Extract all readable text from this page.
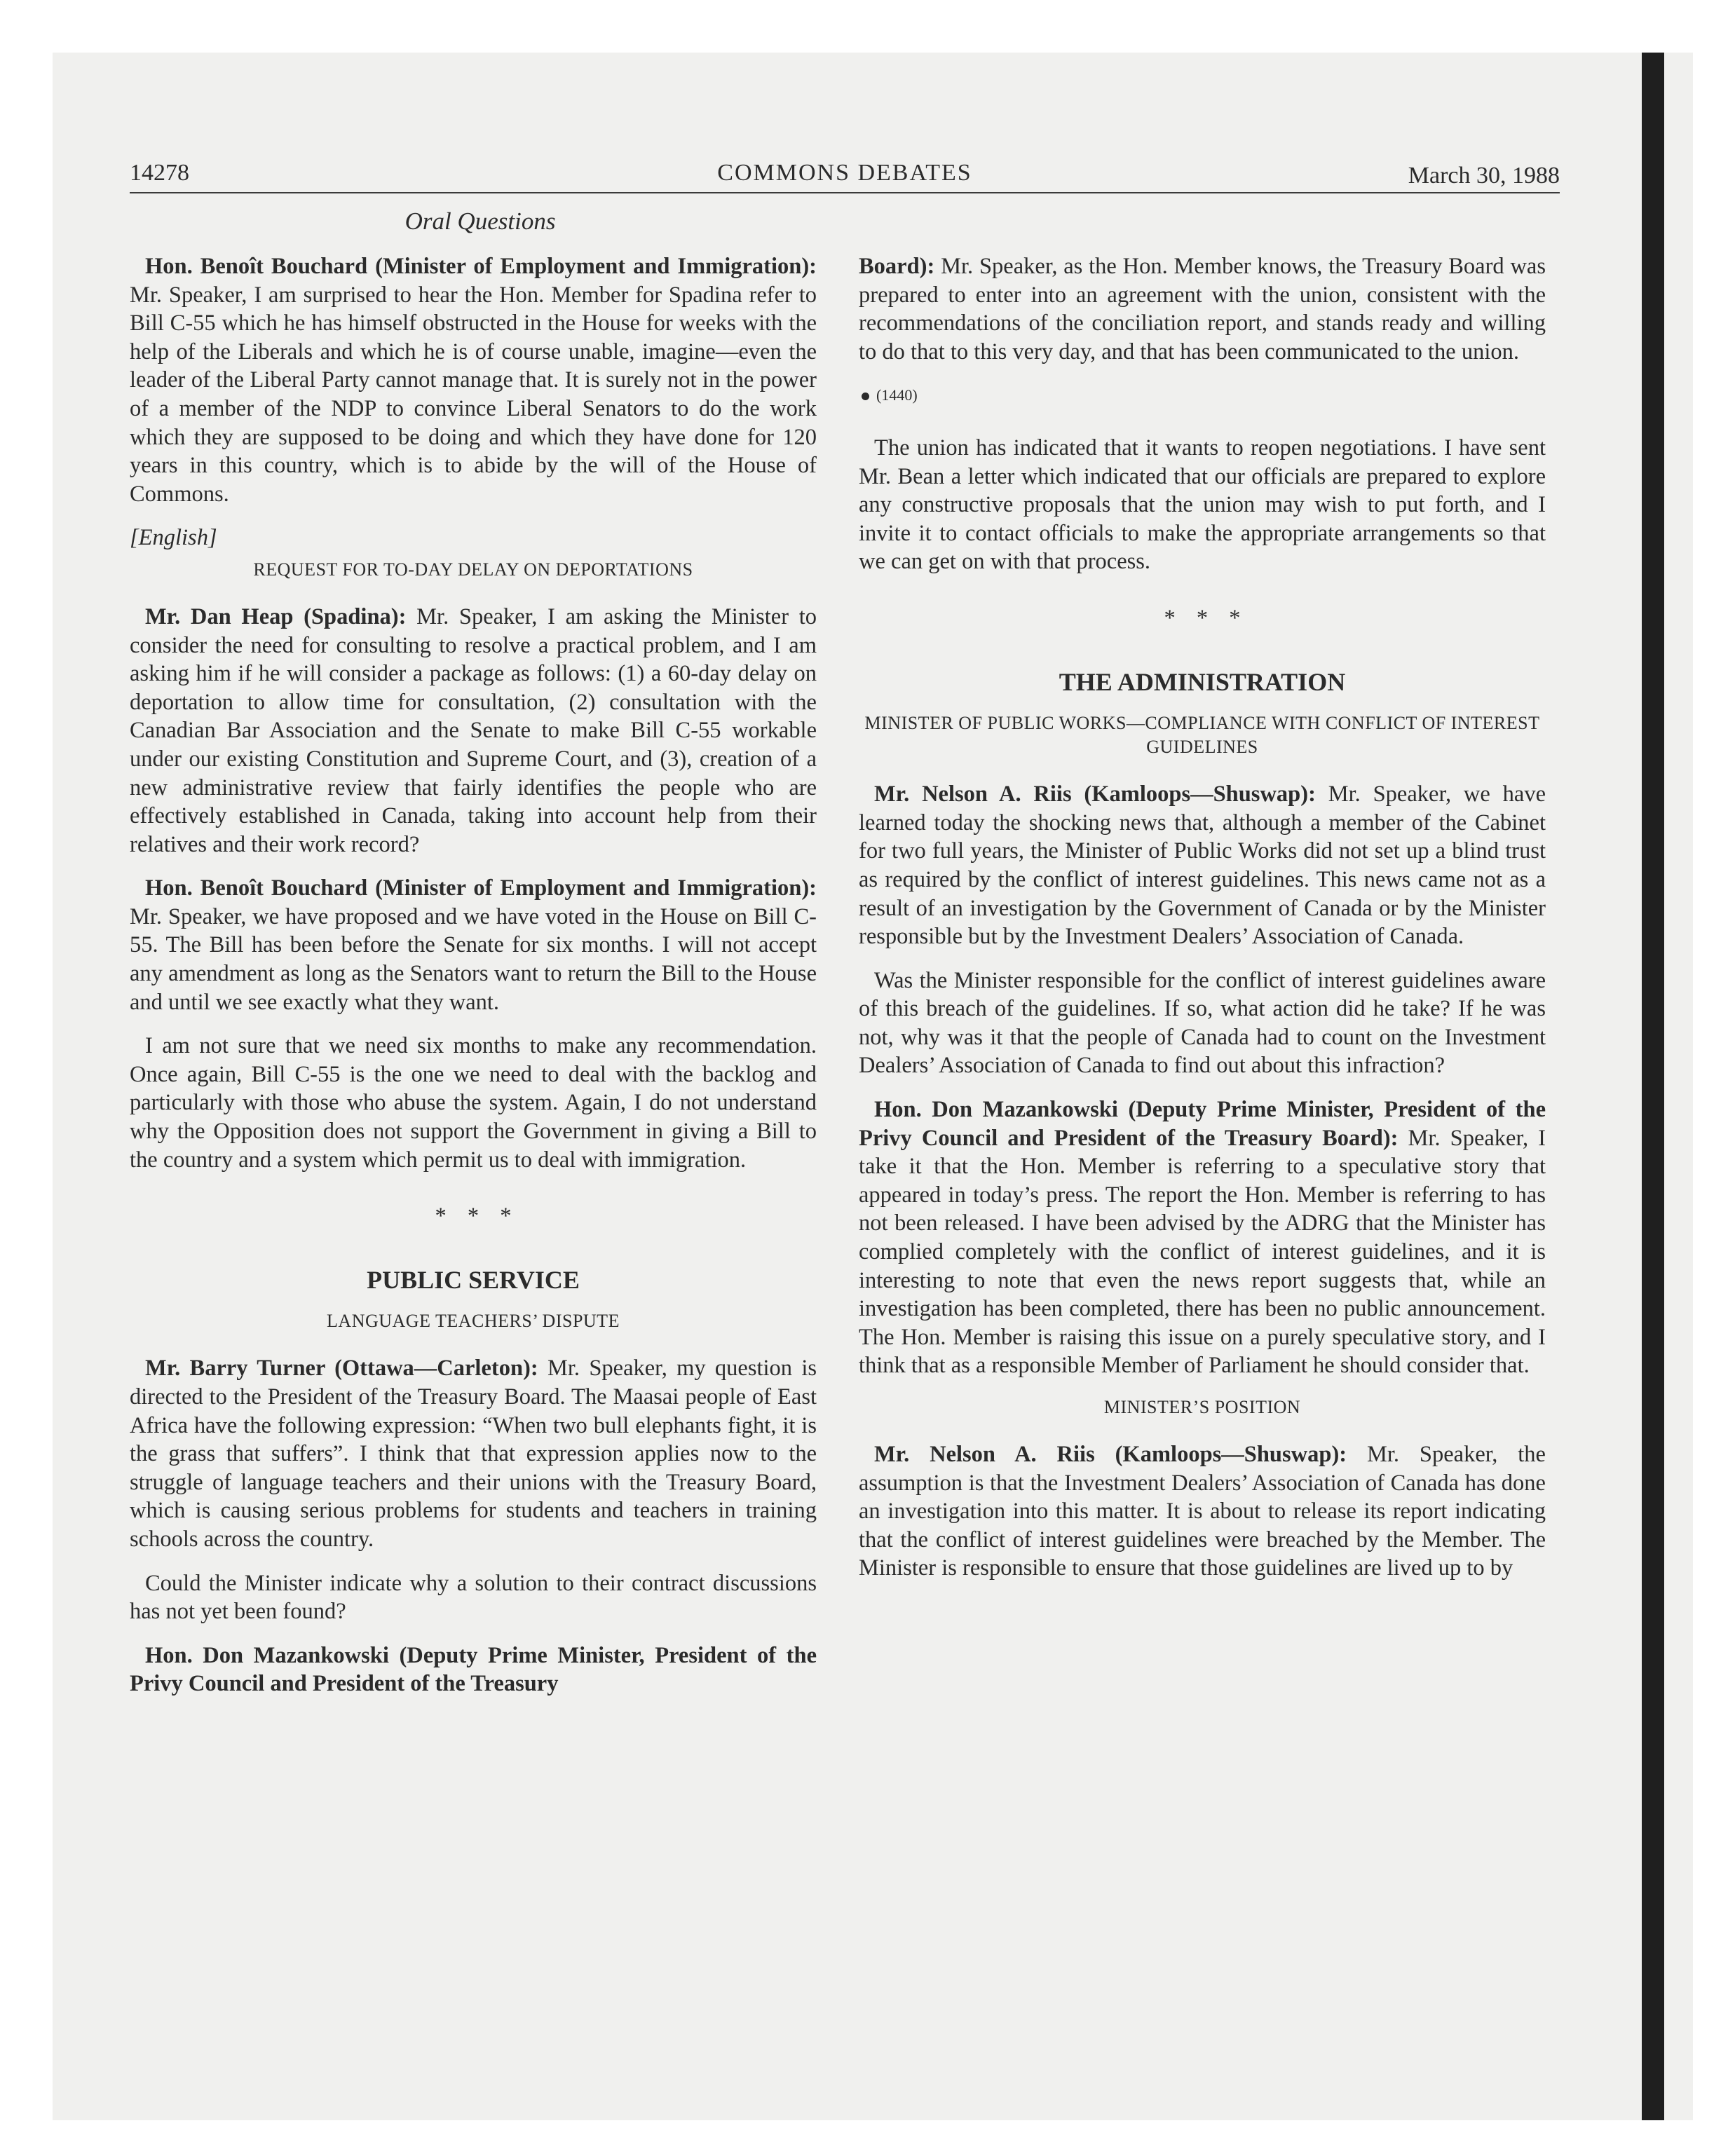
14278	COMMONS DEBATES	March 30, 1988
Oral Questions

Hon. Benoît Bouchard (Minister of Employment and Immigration): Mr. Speaker, I am surprised to hear the Hon. Member for Spadina refer to Bill C-55 which he has himself obstructed in the House for weeks with the help of the Liberals and which he is of course unable, imagine—even the leader of the Liberal Party cannot manage that. It is surely not in the power of a member of the NDP to convince Liberal Senators to do the work which they are supposed to be doing and which they have done for 120 years in this country, which is to abide by the will of the House of Commons.

[English]

REQUEST FOR TO-DAY DELAY ON DEPORTATIONS

Mr. Dan Heap (Spadina): Mr. Speaker, I am asking the Minister to consider the need for consulting to resolve a practical problem, and I am asking him if he will consider a package as follows: (1) a 60-day delay on deportation to allow time for consultation, (2) consultation with the Canadian Bar Association and the Senate to make Bill C-55 workable under our existing Constitution and Supreme Court, and (3), creation of a new administrative review that fairly identifies the people who are effectively established in Canada, taking into account help from their relatives and their work record?

Hon. Benoît Bouchard (Minister of Employment and Immigration): Mr. Speaker, we have proposed and we have voted in the House on Bill C-55. The Bill has been before the Senate for six months. I will not accept any amendment as long as the Senators want to return the Bill to the House and until we see exactly what they want.

I am not sure that we need six months to make any recommendation. Once again, Bill C-55 is the one we need to deal with the backlog and particularly with those who abuse the system. Again, I do not understand why the Opposition does not support the Government in giving a Bill to the country and a system which permit us to deal with immigration.

* * *

PUBLIC SERVICE

LANGUAGE TEACHERS’ DISPUTE

Mr. Barry Turner (Ottawa—Carleton): Mr. Speaker, my question is directed to the President of the Treasury Board. The Maasai people of East Africa have the following expression: “When two bull elephants fight, it is the grass that suffers”. I think that that expression applies now to the struggle of language teachers and their unions with the Treasury Board, which is causing serious problems for students and teachers in training schools across the country.

Could the Minister indicate why a solution to their contract discussions has not yet been found?

Hon. Don Mazankowski (Deputy Prime Minister, President of the Privy Council and President of the Treasury

Board): Mr. Speaker, as the Hon. Member knows, the Treasury Board was prepared to enter into an agreement with the union, consistent with the recommendations of the conciliation report, and stands ready and willing to do that to this very day, and that has been communicated to the union.

(1440)

The union has indicated that it wants to reopen negotiations. I have sent Mr. Bean a letter which indicated that our officials are prepared to explore any constructive proposals that the union may wish to put forth, and I invite it to contact officials to make the appropriate arrangements so that we can get on with that process.

* * *

THE ADMINISTRATION

MINISTER OF PUBLIC WORKS—COMPLIANCE WITH CONFLICT OF INTEREST GUIDELINES

Mr. Nelson A. Riis (Kamloops—Shuswap): Mr. Speaker, we have learned today the shocking news that, although a member of the Cabinet for two full years, the Minister of Public Works did not set up a blind trust as required by the conflict of interest guidelines. This news came not as a result of an investigation by the Government of Canada or by the Minister responsible but by the Investment Dealers’ Association of Canada.

Was the Minister responsible for the conflict of interest guidelines aware of this breach of the guidelines. If so, what action did he take? If he was not, why was it that the people of Canada had to count on the Investment Dealers’ Association of Canada to find out about this infraction?

Hon. Don Mazankowski (Deputy Prime Minister, President of the Privy Council and President of the Treasury Board): Mr. Speaker, I take it that the Hon. Member is referring to a speculative story that appeared in today’s press. The report the Hon. Member is referring to has not been released. I have been advised by the ADRG that the Minister has complied completely with the conflict of interest guidelines, and it is interesting to note that even the news report suggests that, while an investigation has been completed, there has been no public announcement. The Hon. Member is raising this issue on a purely speculative story, and I think that as a responsible Member of Parliament he should consider that.

MINISTER’S POSITION

Mr. Nelson A. Riis (Kamloops—Shuswap): Mr. Speaker, the assumption is that the Investment Dealers’ Association of Canada has done an investigation into this matter. It is about to release its report indicating that the conflict of interest guidelines were breached by the Member. The Minister is responsible to ensure that those guidelines are lived up to by
